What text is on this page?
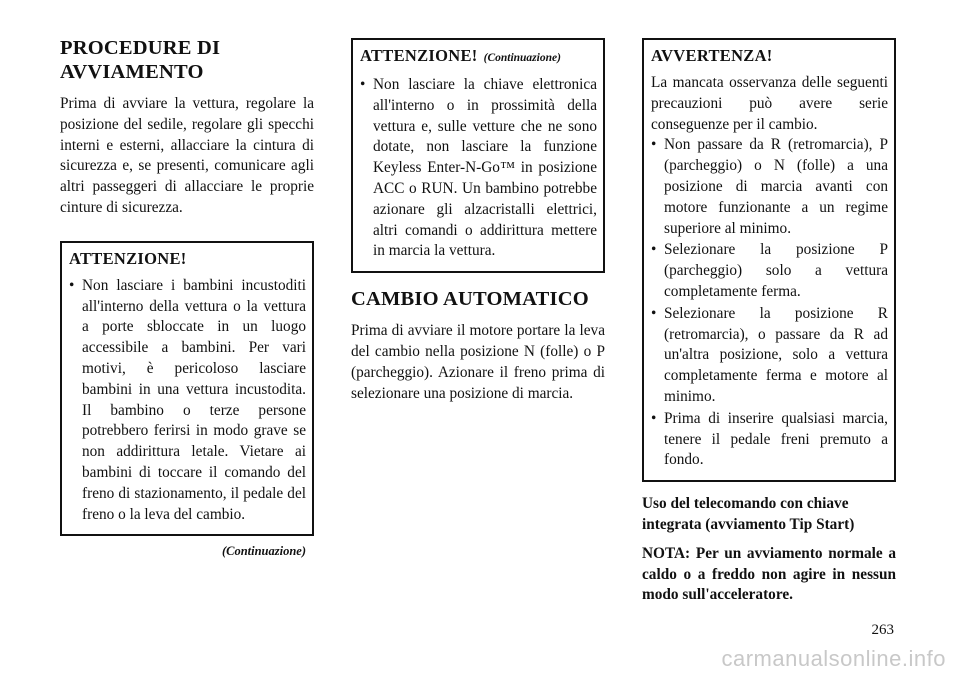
PROCEDURE DI
AVVIAMENTO

Prima di avviare la vettura, regolare la posizione del sedile, regolare gli specchi interni e esterni, allacciare la cintura di sicurezza e, se presenti, comunicare agli altri passeggeri di allacciare le proprie cinture di sicurezza.

ATTENZIONE!
• Non lasciare i bambini incustoditi all'interno della vettura o la vettura a porte sbloccate in un luogo accessibile a bambini. Per vari motivi, è pericoloso lasciare bambini in una vettura incustodita. Il bambino o terze persone potrebbero ferirsi in modo grave se non addirittura letale. Vietare ai bambini di toccare il comando del freno di stazionamento, il pedale del freno o la leva del cambio.
(Continuazione)
ATTENZIONE! (Continuazione)
• Non lasciare la chiave elettronica all'interno o in prossimità della vettura e, sulle vetture che ne sono dotate, non lasciare la funzione Keyless Enter-N-Go™ in posizione ACC o RUN. Un bambino potrebbe azionare gli alzacristalli elettrici, altri comandi o addirittura mettere in marcia la vettura.
CAMBIO AUTOMATICO

Prima di avviare il motore portare la leva del cambio nella posizione N (folle) o P (parcheggio). Azionare il freno prima di selezionare una posizione di marcia.

AVVERTENZA!

La mancata osservanza delle seguenti precauzioni può avere serie conseguenze per il cambio.

• Non passare da R (retromarcia), P (parcheggio) o N (folle) a una posizione di marcia avanti con motore funzionante a un regime superiore al minimo.
• Selezionare la posizione P (parcheggio) solo a vettura completamente ferma.
• Selezionare la posizione R (retromarcia), o passare da R ad un'altra posizione, solo a vettura completamente ferma e motore al minimo.
• Prima di inserire qualsiasi marcia, tenere il pedale freni premuto a fondo.
Uso del telecomando con chiave integrata (avviamento Tip Start)

NOTA: Per un avviamento normale a caldo o a freddo non agire in nessun modo sull'acceleratore.

263
carmanualsonline.info
